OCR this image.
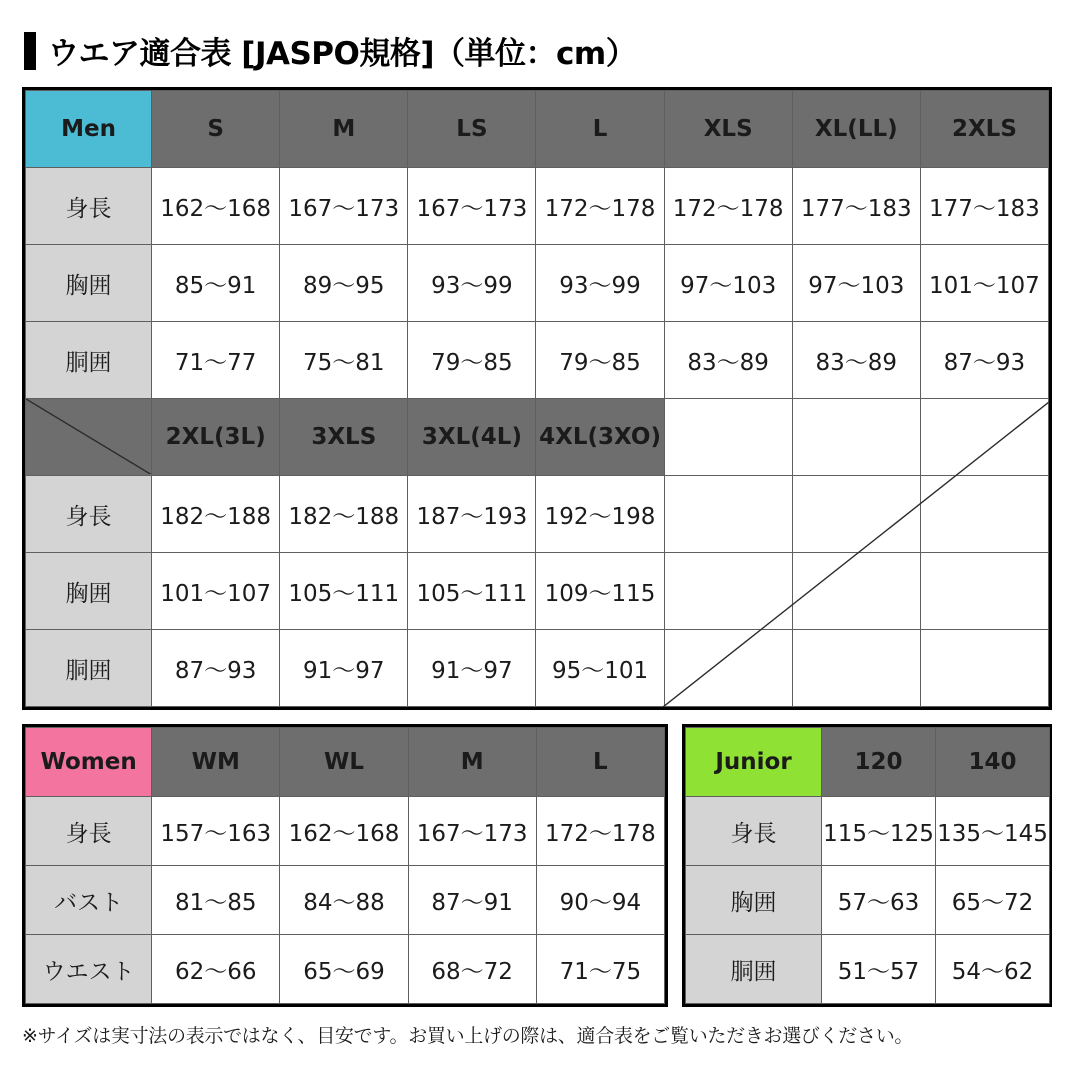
ウエア適合表 [JASPO規格]（単位：cm）
Men	S	M	LS	L	XLS	XL(LL)	2XLS
身長	162〜168	167〜173	167〜173	172〜178	172〜178	177〜183	177〜183
胸囲	85〜91	89〜95	93〜99	93〜99	97〜103	97〜103	101〜107
胴囲	71〜77	75〜81	79〜85	79〜85	83〜89	83〜89	87〜93

	2XL(3L)	3XLS	3XL(4L)	4XL(3XO)			
身長	182〜188	182〜188	187〜193	192〜198			
胸囲	101〜107	105〜111	105〜111	109〜115			
胴囲	87〜93	91〜97	91〜97	95〜101			
Women	WM	WL	M	L
身長	157〜163	162〜168	167〜173	172〜178
バスト	81〜85	84〜88	87〜91	90〜94
ウエスト	62〜66	65〜69	68〜72	71〜75
Junior	120	140
身長	115〜125	135〜145
胸囲	57〜63	65〜72
胴囲	51〜57	54〜62
※サイズは実寸法の表示ではなく、目安です。お買い上げの際は、適合表をご覧いただきお選びください。
